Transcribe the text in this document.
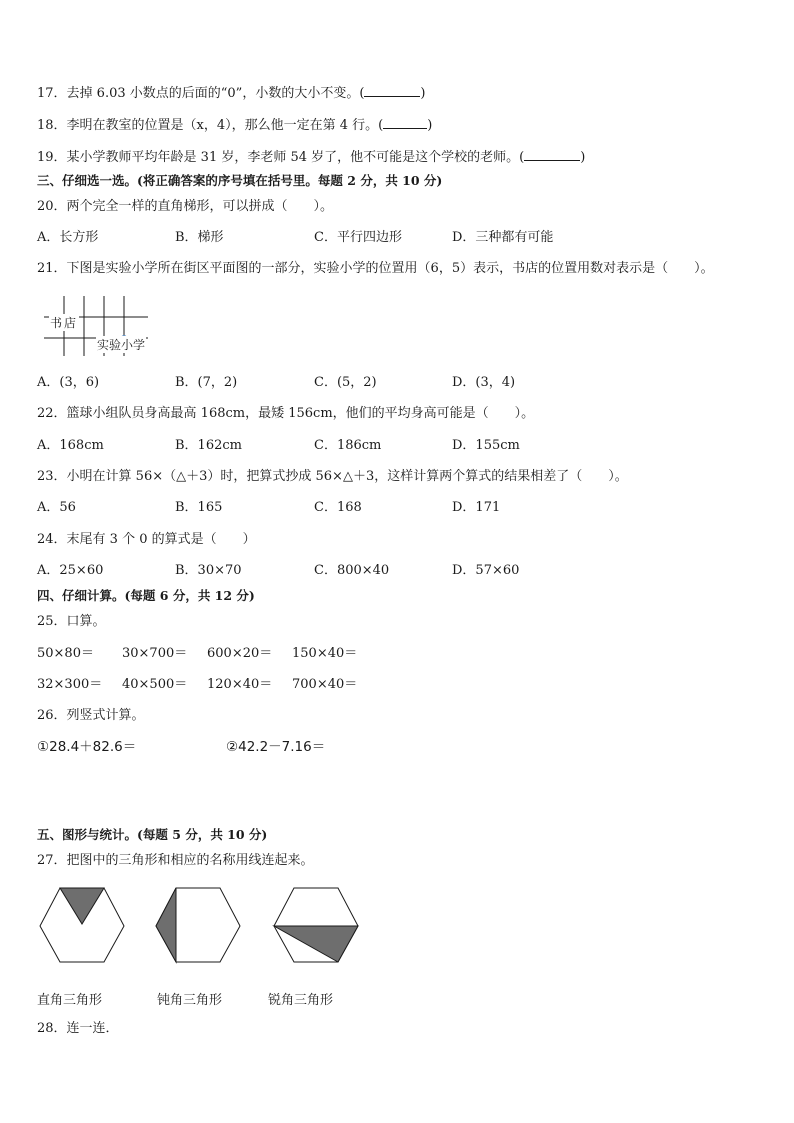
17．去掉 6.03 小数点的后面的“0”，小数的大小不变。(	)
18．李明在教室的位置是（x，4），那么他一定在第 4 行。(	)
19．某小学教师平均年龄是 31 岁，李老师 54 岁了，他不可能是这个学校的老师。(	)
三、仔细选一选。(将正确答案的序号填在括号里。每题 2 分，共 10 分)
20．两个完全一样的直角梯形，可以拼成（　　）。
A．长方形	B．梯形	C．平行四边形	D．三种都有可能
21．下图是实验小学所在街区平面图的一部分，实验小学的位置用（6，5）表示，书店的位置用数对表示是（　　）。
书店
实验小学
A．(3，6)	B．(7，2)	C．(5，2)	D．(3，4)
22．篮球小组队员身高最高 168cm，最矮 156cm，他们的平均身高可能是（　　）。
A．168cm	B．162cm	C．186cm	D．155cm
23．小明在计算 56×（△＋3）时，把算式抄成 56×△＋3，这样计算两个算式的结果相差了（　　）。
A．56	B．165	C．168	D．171
24．末尾有 3 个 0 的算式是（　　）
A．25×60	B．30×70	C．800×40	D．57×60
四、仔细计算。(每题 6 分，共 12 分)
25．口算。
50×80＝ 30×700＝ 600×20＝ 150×40＝
32×300＝ 40×500＝ 120×40＝ 700×40＝
26．列竖式计算。
①28.4＋82.6＝	②42.2－7.16＝
五、图形与统计。(每题 5 分，共 10 分)
27．把图中的三角形和相应的名称用线连起来。
直角三角形	钝角三角形	锐角三角形
28．连一连．
